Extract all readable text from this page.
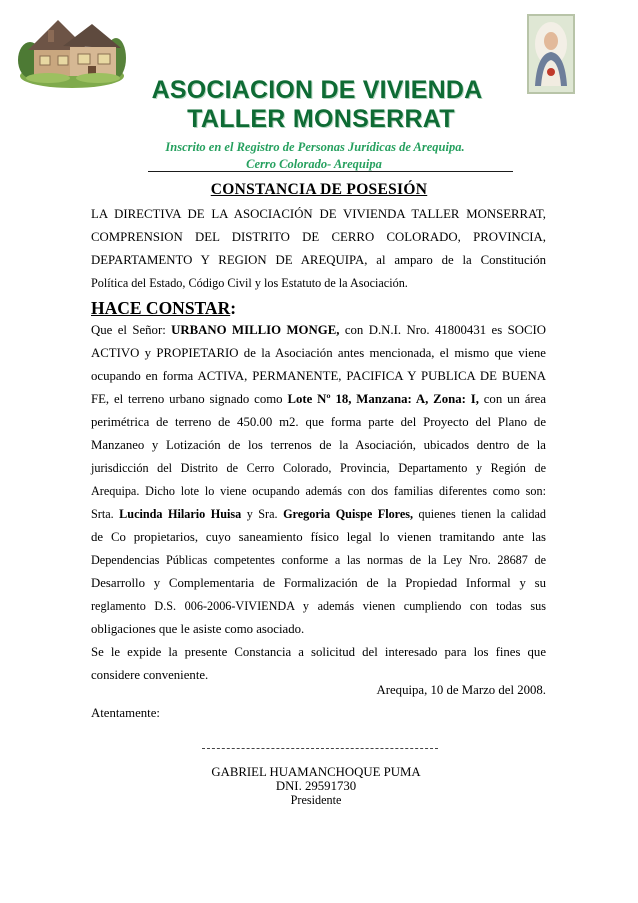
ASOCIACION DE VIVIENDA
TALLER MONSERRAT
Inscrito en el Registro de Personas Jurídicas de Arequipa.
Cerro Colorado- Arequipa
CONSTANCIA DE POSESIÓN
LA DIRECTIVA DE LA ASOCIACIÓN DE VIVIENDA TALLER MONSERRAT,
COMPRENSION DEL DISTRITO DE CERRO COLORADO, PROVINCIA,
DEPARTAMENTO Y REGION DE AREQUIPA, al amparo de la Constitución
Política del Estado, Código Civil y los Estatuto de la Asociación.
HACE CONSTAR:
Que el Señor: URBANO MILLIO MONGE, con D.N.I. Nro. 41800431 es SOCIO
ACTIVO y PROPIETARIO de la Asociación antes mencionada, el mismo que viene
ocupando en forma ACTIVA, PERMANENTE, PACIFICA Y PUBLICA DE BUENA
FE, el terreno urbano signado como Lote Nº 18, Manzana: A, Zona: I, con un área
perimétrica de terreno de 450.00 m2. que forma parte del Proyecto del Plano de
Manzaneo y Lotización de los terrenos de la Asociación, ubicados dentro de la
jurisdicción del Distrito de Cerro Colorado, Provincia, Departamento y Región de
Arequipa. Dicho lote lo viene ocupando además con dos familias diferentes como son:
Srta. Lucinda Hilario Huisa y Sra. Gregoria Quispe Flores, quienes tienen la calidad
de Co propietarios, cuyo saneamiento físico legal lo vienen tramitando ante las
Dependencias Públicas competentes conforme a las normas de la Ley Nro. 28687 de
Desarrollo y Complementaria de Formalización de la Propiedad Informal y su
reglamento D.S. 006-2006-VIVIENDA y además vienen cumpliendo con todas sus
obligaciones que le asiste como asociado.
Se le expide la presente Constancia a solicitud del interesado para los fines que
considere conveniente.
Arequipa, 10 de Marzo del 2008.
Atentamente:
GABRIEL HUAMANCHOQUE PUMA
DNI. 29591730
Presidente
